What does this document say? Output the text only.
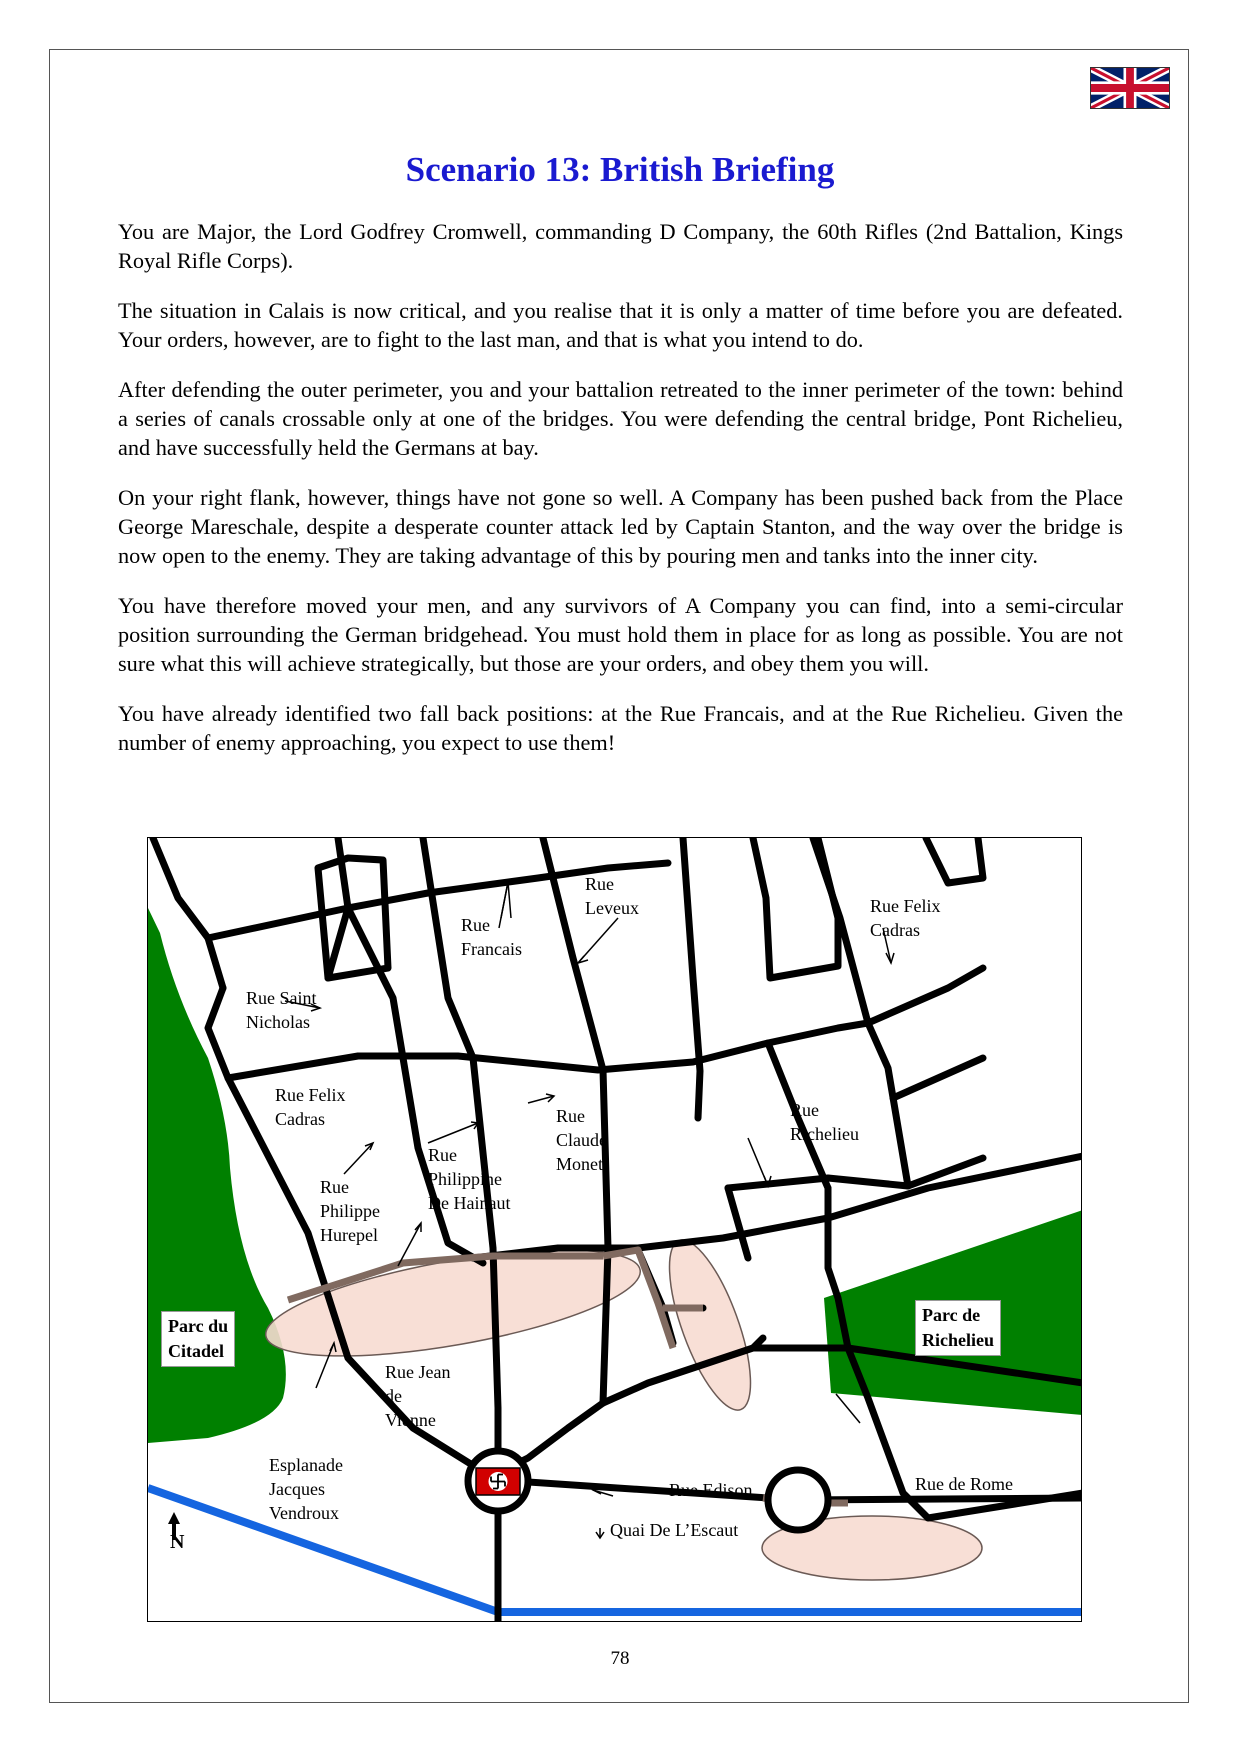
Scenario 13: British Briefing

You are Major, the Lord Godfrey Cromwell, commanding D Company, the 60th Rifles (2nd Battalion, Kings Royal Rifle Corps).

The situation in Calais is now critical, and you realise that it is only a matter of time before you are defeated. Your orders, however, are to fight to the last man, and that is what you intend to do.

After defending the outer perimeter, you and your battalion retreated to the inner perimeter of the town: behind a series of canals crossable only at one of the bridges. You were defending the central bridge, Pont Richelieu, and have successfully held the Germans at bay.

On your right flank, however, things have not gone so well. A Company has been pushed back from the Place George Mareschale, despite a desperate counter attack led by Captain Stanton, and the way over the bridge is now open to the enemy. They are taking advantage of this by pouring men and tanks into the inner city.

You have therefore moved your men, and any survivors of A Company you can find, into a semi-circular position surrounding the German bridgehead. You must hold them in place for as long as possible. You are not sure what this will achieve strategically, but those are your orders, and obey them you will.

You have already identified two fall back positions: at the Rue Francais, and at the Rue Richelieu. Given the number of enemy approaching, you expect to use them!

Rue
Francais
Rue
Leveux	Rue Felix
Cadras
Rue Saint
Nicholas
Rue Felix
Cadras	Rue
Claude
Monet
Rue
Richelieu
Rue
Philippine
De Hainaut
Rue
Philippe
Hurepel
Parc du
Citadel
Parc de
Richelieu
Rue Jean
de
Vienne
Esplanade
Jacques
Vendroux
Rue Edison	Rue de Rome
Quai De L’Escaut
N
78
